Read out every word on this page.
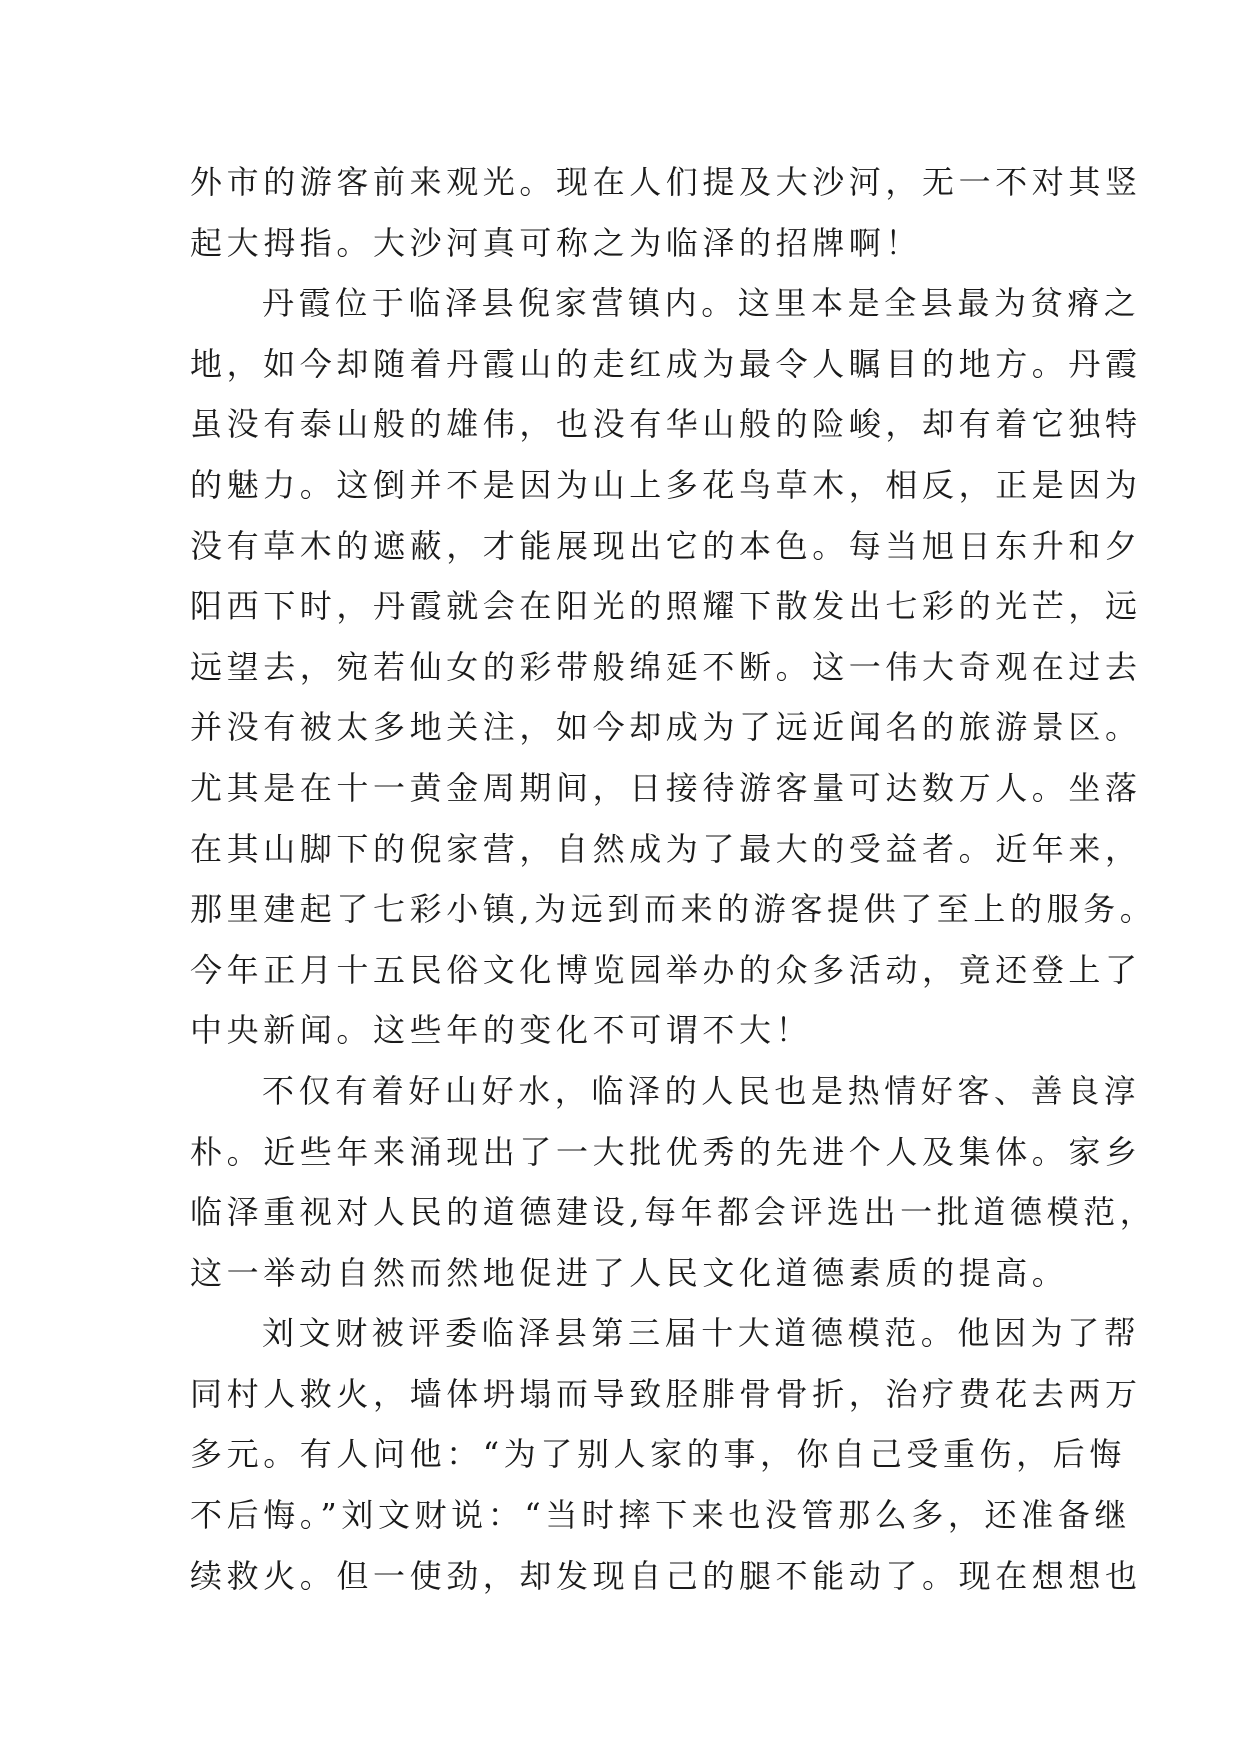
外市的游客前来观光。现在人们提及大沙河，无一不对其竖
起大拇指。大沙河真可称之为临泽的招牌啊！
丹霞位于临泽县倪家营镇内。这里本是全县最为贫瘠之
地，如今却随着丹霞山的走红成为最令人瞩目的地方。丹霞
虽没有泰山般的雄伟，也没有华山般的险峻，却有着它独特
的魅力。这倒并不是因为山上多花鸟草木，相反，正是因为
没有草木的遮蔽，才能展现出它的本色。每当旭日东升和夕
阳西下时，丹霞就会在阳光的照耀下散发出七彩的光芒，远
远望去，宛若仙女的彩带般绵延不断。这一伟大奇观在过去
并没有被太多地关注，如今却成为了远近闻名的旅游景区。
尤其是在十一黄金周期间，日接待游客量可达数万人。坐落
在其山脚下的倪家营，自然成为了最大的受益者。近年来，
那里建起了七彩小镇,为远到而来的游客提供了至上的服务。
今年正月十五民俗文化博览园举办的众多活动，竟还登上了
中央新闻。这些年的变化不可谓不大！
不仅有着好山好水，临泽的人民也是热情好客、善良淳
朴。近些年来涌现出了一大批优秀的先进个人及集体。家乡
临泽重视对人民的道德建设,每年都会评选出一批道德模范，
这一举动自然而然地促进了人民文化道德素质的提高。
刘文财被评委临泽县第三届十大道德模范。他因为了帮
同村人救火，墙体坍塌而导致胫腓骨骨折，治疗费花去两万
多元。有人问他：“为了别人家的事，你自己受重伤，后悔
不后悔。”刘文财说：“当时摔下来也没管那么多，还准备继
续救火。但一使劲，却发现自己的腿不能动了。现在想想也
